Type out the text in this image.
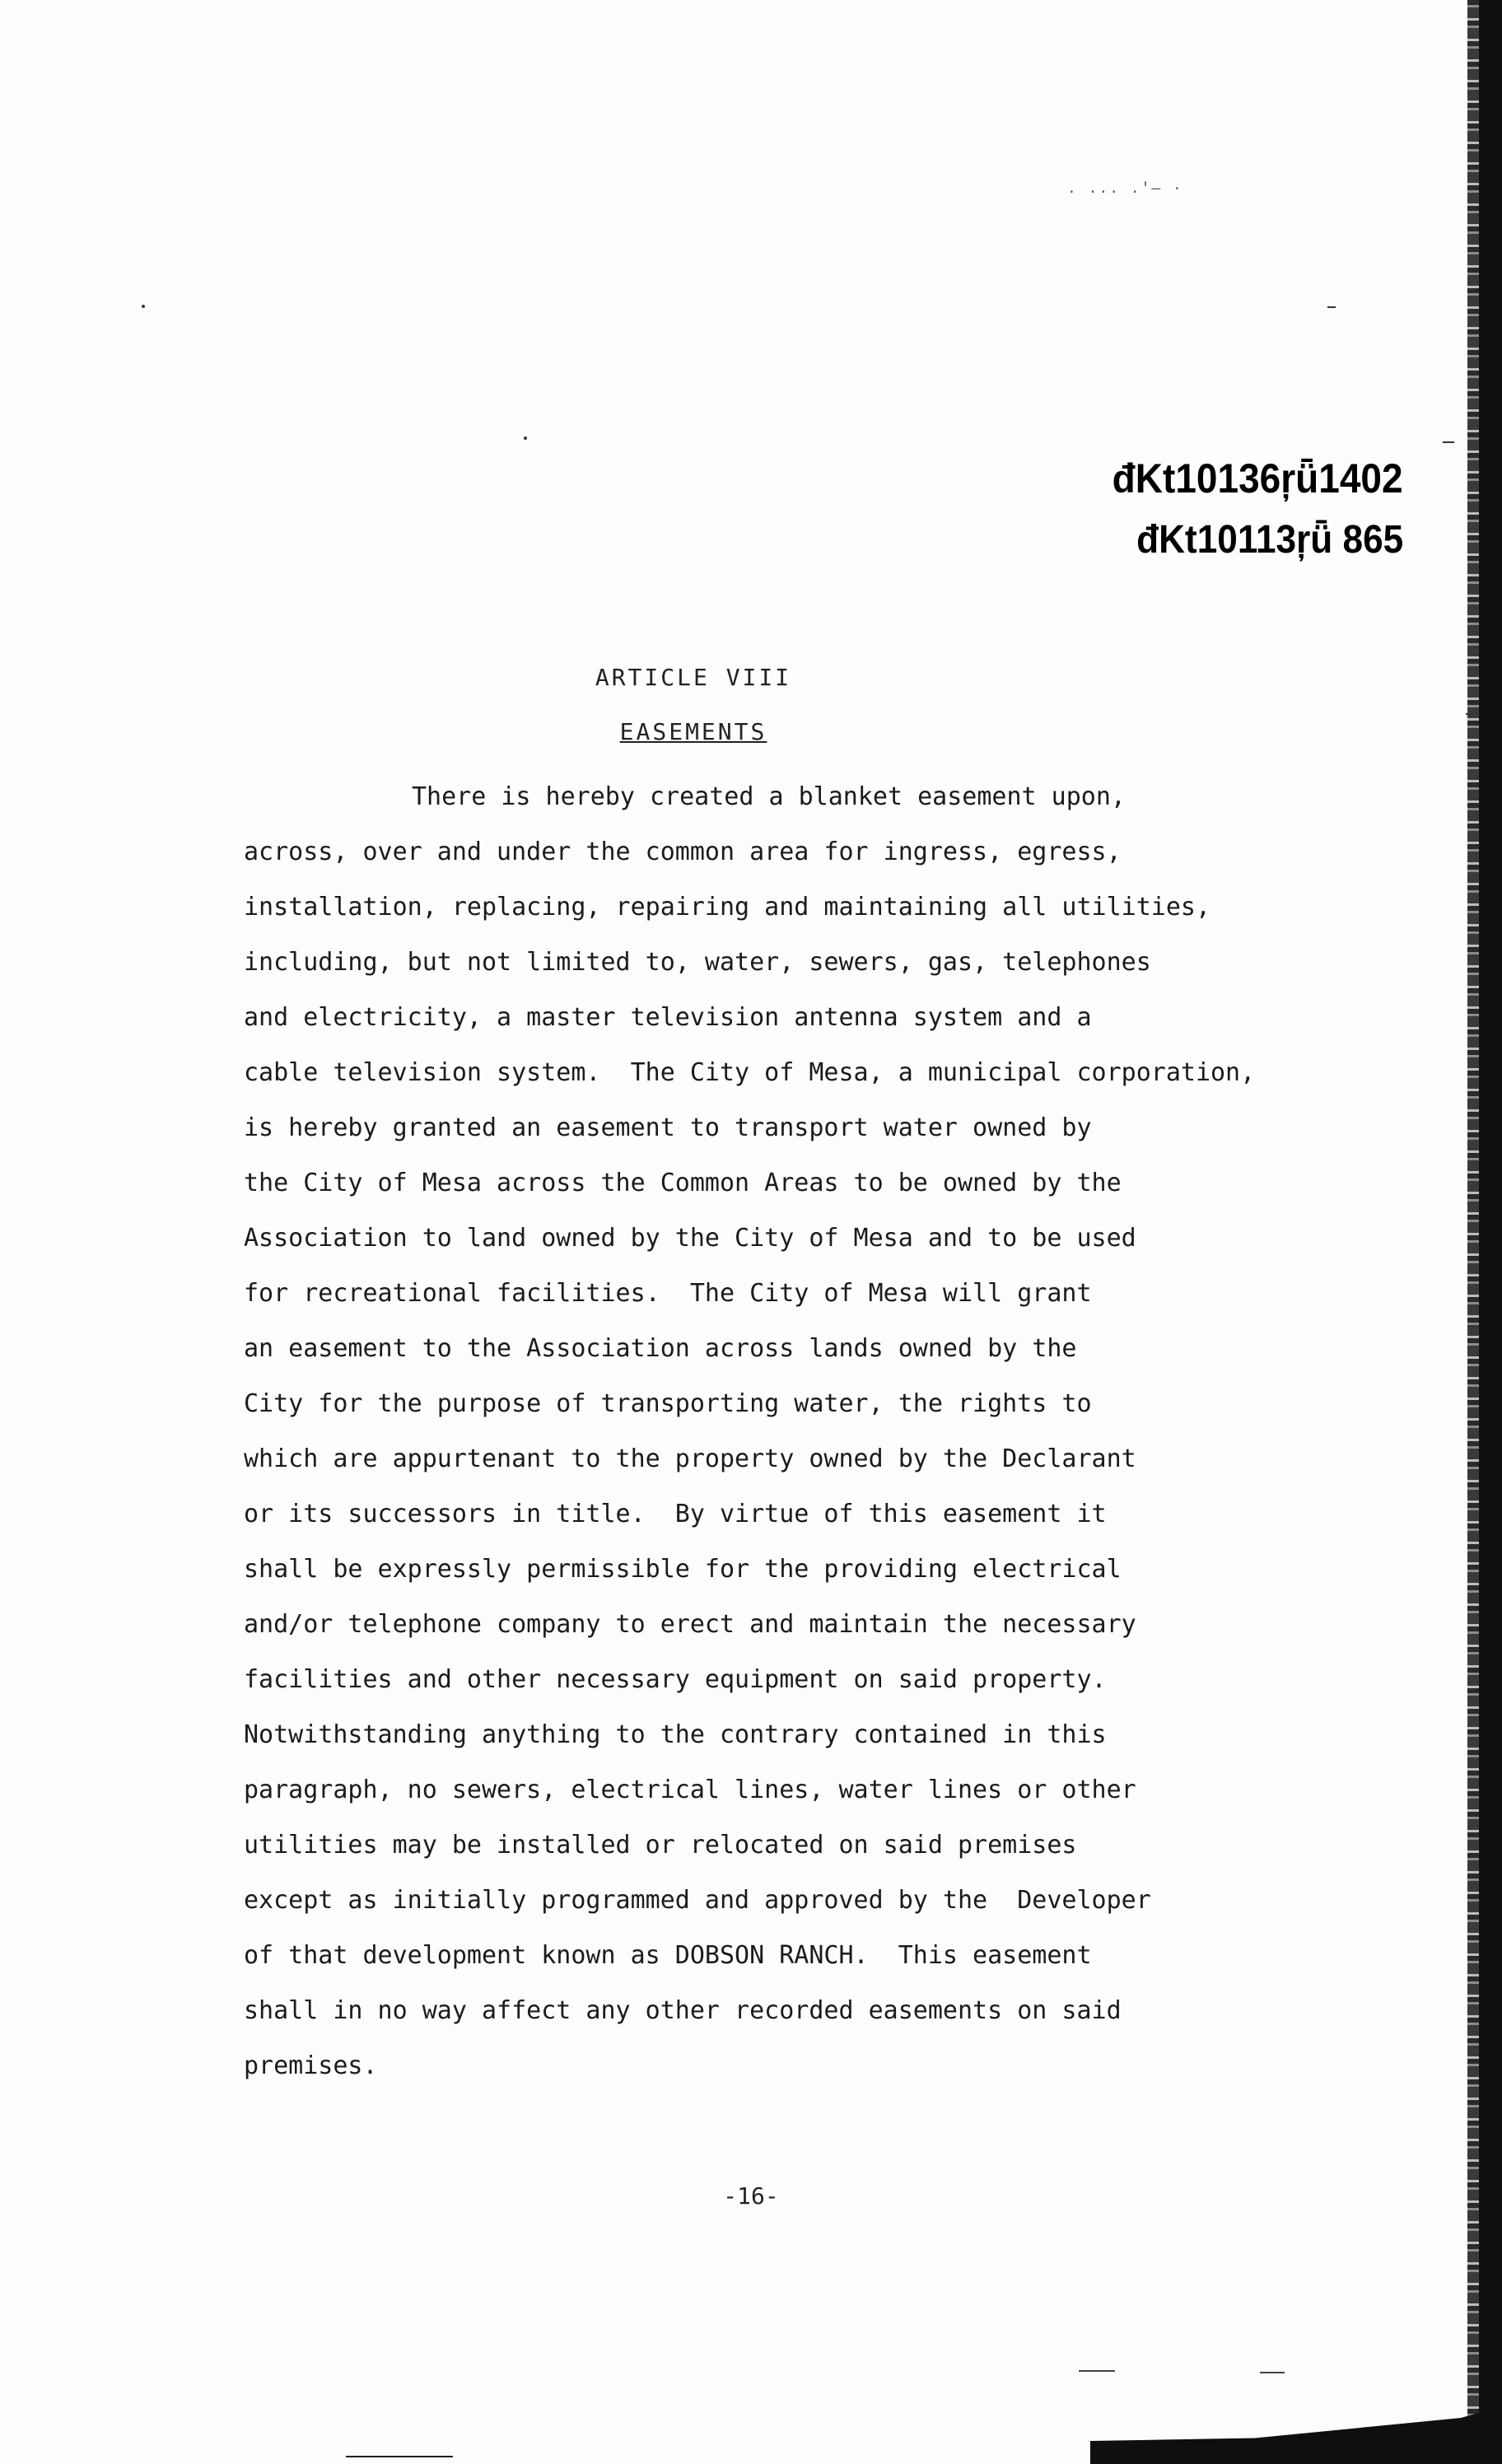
. ... .′— ·
đKt10136ŗǖ1402
đKt10113ŗǖ 865
ARTICLE VIII
EASEMENTS
There is hereby created a blanket easement upon,
across, over and under the common area for ingress, egress,
installation, replacing, repairing and maintaining all utilities,
including, but not limited to, water, sewers, gas, telephones
and electricity, a master television antenna system and a
cable television system.  The City of Mesa, a municipal corporation,
is hereby granted an easement to transport water owned by
the City of Mesa across the Common Areas to be owned by the
Association to land owned by the City of Mesa and to be used
for recreational facilities.  The City of Mesa will grant
an easement to the Association across lands owned by the
City for the purpose of transporting water, the rights to
which are appurtenant to the property owned by the Declarant
or its successors in title.  By virtue of this easement it
shall be expressly permissible for the providing electrical
and/or telephone company to erect and maintain the necessary
facilities and other necessary equipment on said property.
Notwithstanding anything to the contrary contained in this
paragraph, no sewers, electrical lines, water lines or other
utilities may be installed or relocated on said premises
except as initially programmed and approved by the  Developer
of that development known as DOBSON RANCH.  This easement
shall in no way affect any other recorded easements on said
premises.
-16-
